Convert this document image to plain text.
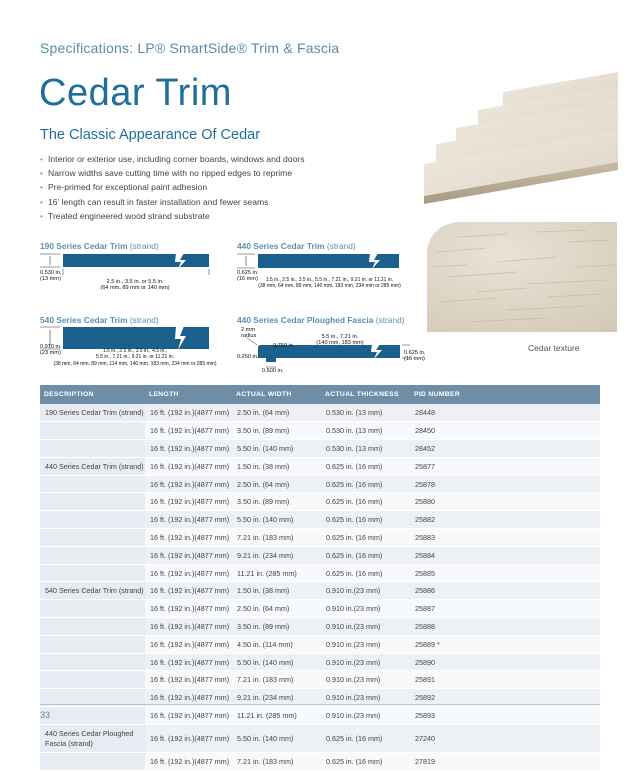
Specifications: LP® SmartSide® Trim & Fascia
Cedar Trim
The Classic Appearance Of Cedar
• Interior or exterior use, including corner boards, windows and doors
• Narrow widths save cutting time with no ripped edges to reprime
• Pre-primed for exceptional paint adhesion
• 16' length can result in faster installation and fewer seams
• Treated engineered wood strand substrate
Cedar texture
190 Series Cedar Trim (strand)	440 Series Cedar Trim (strand)
540 Series Cedar Trim (strand)	440 Series Cedar Ploughed Fascia (strand)
0.530 in.
(13 mm)	2.5 in., 3.5 in. or 5.5 in.
(64 mm, 89 mm or 140 mm)
0.625 in.
(16 mm)	1.5 in., 2.5 in., 3.5 in., 5.5 in., 7.21 in., 9.21 in. or 11.21 in.
(38 mm, 64 mm, 89 mm, 140 mm, 183 mm, 234 mm or 285 mm)
0.910 in.
(23 mm)	1.5 in., 2.5 in., 3.5 in., 4.5 in.,
5.5 in., 7.21 in., 9.21 in. or 11.21 in.
(38 mm, 64 mm, 89 mm, 114 mm, 140 mm, 183 mm, 234 mm or 285 mm)
2 mm
radius	5.5 in., 7.21 in.
(140 mm, 183 mm)
0.750 in.
0.250 in.
0.625 in.
(16 mm)
0.500 in.
DESCRIPTION	LENGTH	ACTUAL WIDTH	ACTUAL THICKNESS	PID NUMBER
190 Series Cedar Trim (strand)	16 ft. (192 in.)(4877 mm)	2.50 in. (64 mm)	0.530 in. (13 mm)	28448
	16 ft. (192 in.)(4877 mm)	3.50 in. (89 mm)	0.530 in. (13 mm)	28450
	16 ft. (192 in.)(4877 mm)	5.50 in. (140 mm)	0.530 in. (13 mm)	28452
440 Series Cedar Trim (strand)	16 ft. (192 in.)(4877 mm)	1.50 in. (38 mm)	0.625 in. (16 mm)	25877
	16 ft. (192 in.)(4877 mm)	2.50 in. (64 mm)	0.625 in. (16 mm)	25878
	16 ft. (192 in.)(4877 mm)	3.50 in. (89 mm)	0.625 in. (16 mm)	25880
	16 ft. (192 in.)(4877 mm)	5.50 in. (140 mm)	0.625 in. (16 mm)	25882
	16 ft. (192 in.)(4877 mm)	7.21 in. (183 mm)	0.625 in. (16 mm)	25883
	16 ft. (192 in.)(4877 mm)	9.21 in. (234 mm)	0.625 in. (16 mm)	25884
	16 ft. (192 in.)(4877 mm)	11.21 in. (285 mm)	0.625 in. (16 mm)	25885
540 Series Cedar Trim (strand)	16 ft. (192 in.)(4877 mm)	1.50 in. (38 mm)	0.910 in.(23 mm)	25886
	16 ft. (192 in.)(4877 mm)	2.50 in. (64 mm)	0.910 in.(23 mm)	25887
	16 ft. (192 in.)(4877 mm)	3.50 in. (89 mm)	0.910 in.(23 mm)	25888
	16 ft. (192 in.)(4877 mm)	4.50 in. (114 mm)	0.910 in.(23 mm)	25889 *
	16 ft. (192 in.)(4877 mm)	5.50 in. (140 mm)	0.910 in.(23 mm)	25890
	16 ft. (192 in.)(4877 mm)	7.21 in. (183 mm)	0.910 in.(23 mm)	25891
	16 ft. (192 in.)(4877 mm)	9.21 in. (234 mm)	0.910 in.(23 mm)	25892
	16 ft. (192 in.)(4877 mm)	11.21 in. (285 mm)	0.910 in.(23 mm)	25893
440 Series Cedar Ploughed Fascia (strand)	16 ft. (192 in.)(4877 mm)	5.50 in. (140 mm)	0.625 in. (16 mm)	27240
	16 ft. (192 in.)(4877 mm)	7.21 in. (183 mm)	0.625 in. (16 mm)	27819
33
